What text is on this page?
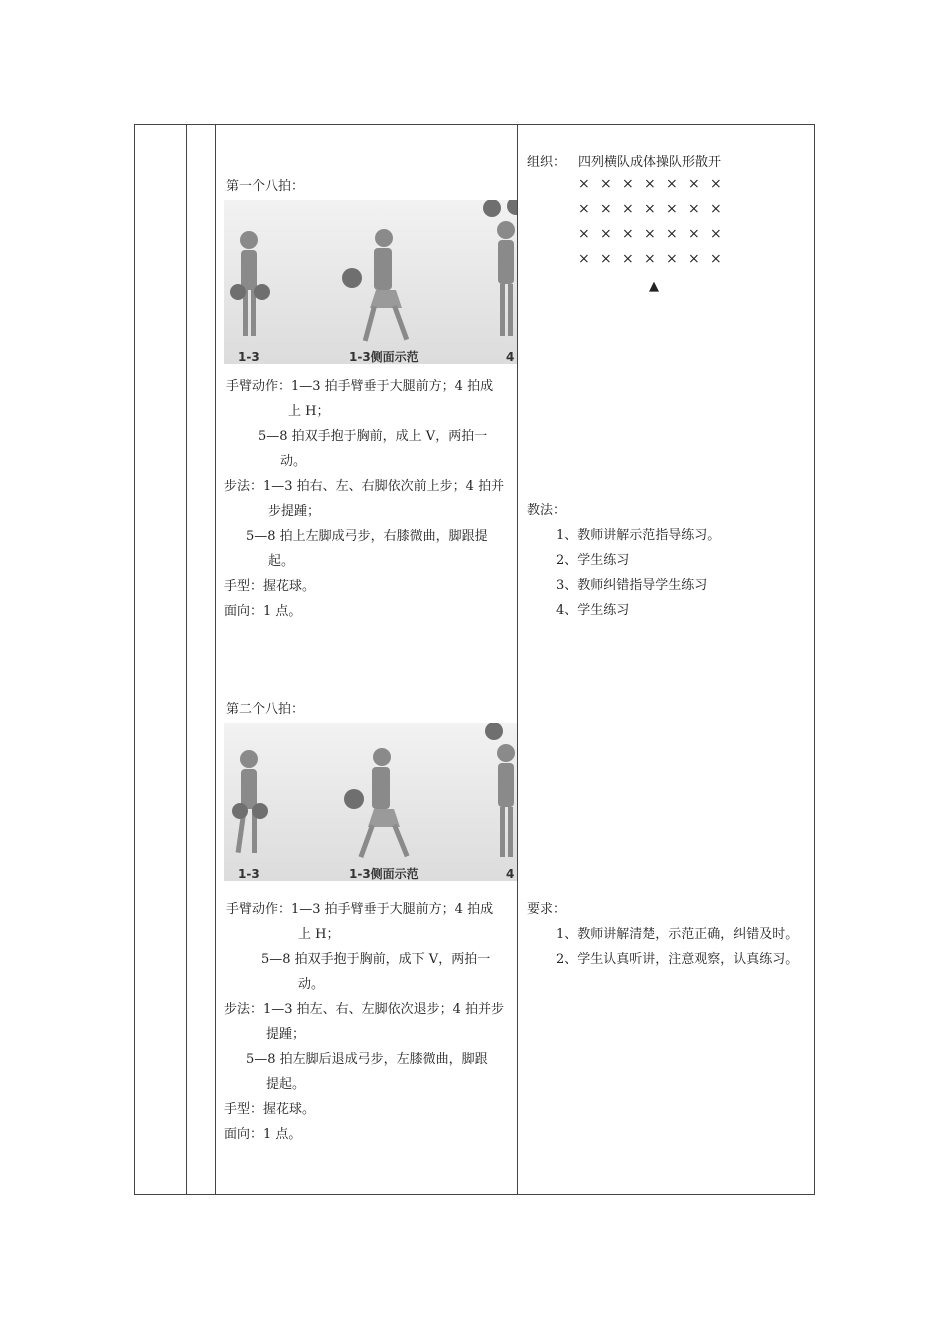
第一个八拍：
1-3	1-3侧面示范	4
手臂动作：1—3 拍手臂垂于大腿前方；4 拍成
上 H；
5—8 拍双手抱于胸前，成上 V，两拍一
动。
步法：1—3 拍右、左、右脚依次前上步；4 拍并
步提踵；
5—8 拍上左脚成弓步，右膝微曲，脚跟提
起。
手型：握花球。
面向：1 点。
第二个八拍：
1-3	1-3侧面示范	4
手臂动作：1—3 拍手臂垂于大腿前方；4 拍成
上 H；
5—8 拍双手抱于胸前，成下 V，两拍一
动。
步法：1—3 拍左、右、左脚依次退步；4 拍并步
提踵；
5—8 拍左脚后退成弓步，左膝微曲，脚跟
提起。
手型：握花球。
面向：1 点。
组织： 四列横队成体操队形散开
× × × × × × ×
× × × × × × ×
× × × × × × ×
× × × × × × ×
▲
教法：
1、教师讲解示范指导练习。
2、学生练习
3、教师纠错指导学生练习
4、学生练习
要求：
1、教师讲解清楚，示范正确，纠错及时。
2、学生认真听讲，注意观察，认真练习。
